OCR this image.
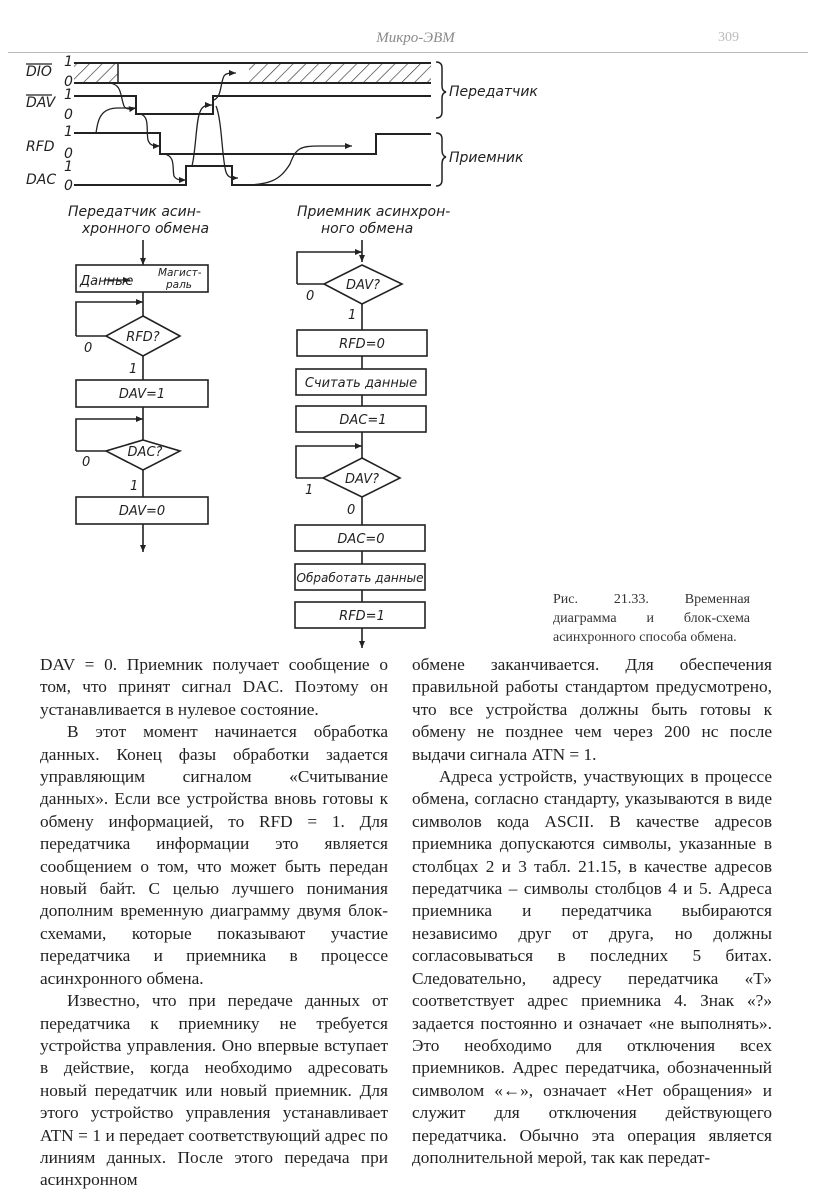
Микро-ЭВМ	309
DIO
DAV
RFD
DAC
1
0
1
0
1
0
1
0
Передатчик
Приемник
Передатчик асин-
хронного обмена
Данные
Магист-
раль
RFD?
0
1
DAV=1
DAC?
0
1
DAV=0
Приемник асинхрон-
ного обмена
DAV?
0
1
RFD=0
Считать данные
DAC=1
DAV?
1
0
DAC=0
Обработать данные
RFD=1
Рис. 21.33. Временная диаграмма и блок-схема асинхронного способа обмена.

DAV = 0. Приемник получает сообщение о том, что принят сигнал DAC. Поэтому он устанавливается в нулевое состояние.

В этот момент начинается обработка данных. Конец фазы обработки задается управляющим сигналом «Считывание данных». Если все устройства вновь готовы к обмену информацией, то RFD = 1. Для передатчика информации это является сообщением о том, что может быть передан новый байт. С целью лучшего понимания дополним временную диаграмму двумя блок-схемами, которые показывают участие передатчика и приемника в процессе асинхронного обмена.

Известно, что при передаче данных от передатчика к приемнику не требуется устройства управления. Оно впервые вступает в действие, когда необходимо адресовать новый передатчик или новый приемник. Для этого устройство управления устанавливает ATN = 1 и передает соответствующий адрес по линиям данных. После этого передача при асинхронном

обмене заканчивается. Для обеспечения правильной работы стандартом предусмотрено, что все устройства должны быть готовы к обмену не позднее чем через 200 нс после выдачи сигнала ATN = 1.

Адреса устройств, участвующих в процессе обмена, согласно стандарту, указываются в виде символов кода ASCII. В качестве адресов приемника допускаются символы, указанные в столбцах 2 и 3 табл. 21.15, в качестве адресов передатчика – символы столбцов 4 и 5. Адреса приемника и передатчика выбираются независимо друг от друга, но должны согласовываться в последних 5 битах. Следовательно, адресу передатчика «Т» соответствует адрес приемника 4. Знак «?» задается постоянно и означает «не выполнять». Это необходимо для отключения всех приемников. Адрес передатчика, обозначенный символом «←», означает «Нет обращения» и служит для отключения действующего передатчика. Обычно эта операция является дополнительной мерой, так как передат-
